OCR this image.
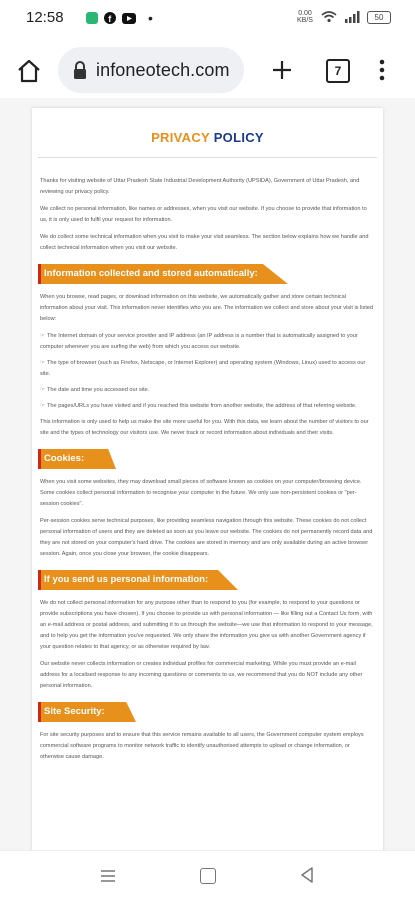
12:58	f	•	0.00 KB/S	50
infoneotech.com	7
PRIVACY POLICY

Thanks for visiting website of Uttar Pradesh State Industrial Development Authority (UPSIDA), Government of Uttar Pradesh, and reviewing our privacy policy.

We collect no personal information, like names or addresses, when you visit our website. If you choose to provide that information to us, it is only used to fulfil your request for information.

We do collect some technical information when you visit to make your visit seamless. The section below explains how we handle and collect technical information when you visit our website.

Information collected and stored automatically:

When you browse, read pages, or download information on this website, we automatically gather and store certain technical information about your visit. This information never identifies who you are. The information we collect and store about your visit is listed below:

☞ The Internet domain of your service provider and IP address (an IP address is a number that is automatically assigned to your computer whenever you are surfing the web) from which you access our website.

☞ The type of browser (such as Firefox, Netscape, or Internet Explorer) and operating system (Windows, Linux) used to access our site.

☞ The date and time you accessed our site.

☞ The pages/URLs you have visited and if you reached this website from another website, the address of that referring website.

This information is only used to help us make the site more useful for you. With this data, we learn about the number of visitors to our site and the types of technology our visitors use. We never track or record information about individuals and their visits.

Cookies:

When you visit some websites, they may download small pieces of software known as cookies on your computer/browsing device. Some cookies collect personal information to recognise your computer in the future. We only use non-persistent cookies or "per-session cookies".

Per-session cookies serve technical purposes, like providing seamless navigation through this website. These cookies do not collect personal information of users and they are deleted as soon as you leave our website. The cookies do not permanently record data and they are not stored on your computer's hard drive. The cookies are stored in memory and are only available during an active browser session. Again, once you close your browser, the cookie disappears.

If you send us personal information:

We do not collect personal information for any purpose other than to respond to you (for example, to respond to your questions or provide subscriptions you have chosen). If you choose to provide us with personal information — like filling out a Contact Us form, with an e-mail address or postal address, and submitting it to us through the website—we use that information to respond to your message, and to help you get the information you've requested. We only share the information you give us with another Government agency if your question relates to that agency, or as otherwise required by law.

Our website never collects information or creates individual profiles for commercial marketing. While you must provide an e-mail address for a localised response to any incoming questions or comments to us, we recommend that you do NOT include any other personal information.

Site Security:

For site security purposes and to ensure that this service remains available to all users, the Government computer system employs commercial software programs to monitor network traffic to identify unauthorised attempts to upload or change information, or otherwise cause damage.
